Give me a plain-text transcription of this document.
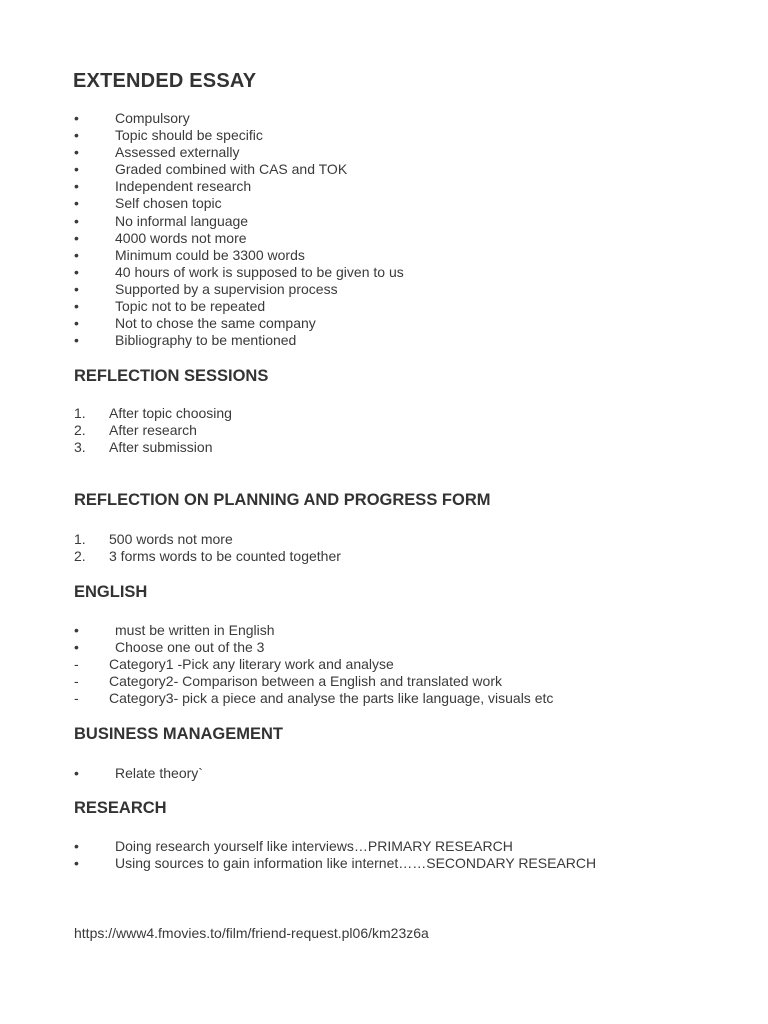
EXTENDED ESSAY
•	Compulsory
•	Topic should be specific
•	Assessed externally
•	Graded combined with CAS and TOK
•	Independent research
•	Self chosen topic
•	No informal language
•	4000 words not more
•	Minimum could be 3300 words
•	40 hours of work is supposed to be given to us
•	Supported by a supervision process
•	Topic not to be repeated
•	Not to chose the same company
•	Bibliography to be mentioned
REFLECTION SESSIONS
1.	After topic choosing
2.	After research
3.	After submission
REFLECTION ON PLANNING AND PROGRESS FORM
1.	500 words not more
2.	3 forms words to be counted together
ENGLISH
•	must be written in English
•	Choose one out of the 3
-	Category1 -Pick any literary work and analyse
-	Category2- Comparison between a English and translated work
-	Category3- pick a piece and analyse the parts like language, visuals etc
BUSINESS MANAGEMENT
•	Relate theory`
RESEARCH
•	Doing research yourself like interviews…PRIMARY RESEARCH
•	Using sources to gain information like internet……SECONDARY RESEARCH
https://www4.fmovies.to/film/friend-request.pl06/km23z6a
